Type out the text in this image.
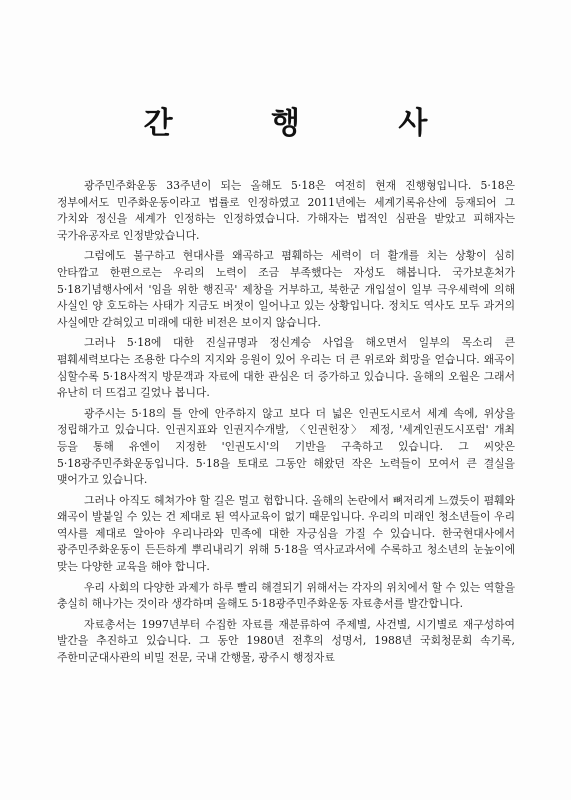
간 행 사

광주민주화운동 33주년이 되는 올해도 5·18은 여전히 현재 진행형입니다. 5·18은 정부에서도 민주화운동이라고 법률로 인정하였고 2011년에는 세계기록유산에 등재되어 그 가치와 정신을 세계가 인정하는 인정하였습니다. 가해자는 법적인 심판을 받았고 피해자는 국가유공자로 인정받았습니다.

그럼에도 불구하고 현대사를 왜곡하고 폄훼하는 세력이 더 활개를 치는 상황이 심히 안타깝고 한편으로는 우리의 노력이 조금 부족했다는 자성도 해봅니다. 국가보훈처가 5·18기념행사에서 '임을 위한 행진곡' 제창을 거부하고, 북한군 개입설이 일부 극우세력에 의해 사실인 양 호도하는 사태가 지금도 버젓이 일어나고 있는 상황입니다. 정치도 역사도 모두 과거의 사실에만 갇혀있고 미래에 대한 비전은 보이지 않습니다.

그러나 5·18에 대한 진실규명과 정신계승 사업을 해오면서 일부의 목소리 큰 폄훼세력보다는 조용한 다수의 지지와 응원이 있어 우리는 더 큰 위로와 희망을 얻습니다. 왜곡이 심할수록 5·18사적지 방문객과 자료에 대한 관심은 더 증가하고 있습니다. 올해의 오월은 그래서 유난히 더 뜨겁고 길었나 봅니다.

광주시는 5·18의 틀 안에 안주하지 않고 보다 더 넓은 인권도시로서 세계 속에, 위상을 정립해가고 있습니다. 인권지표와 인권지수개발, 〈인권헌장〉 제정, '세계인권도시포럼' 개최 등을 통해 유엔이 지정한 '인권도시'의 기반을 구축하고 있습니다. 그 씨앗은 5·18광주민주화운동입니다. 5·18을 토대로 그동안 해왔던 작은 노력들이 모여서 큰 결실을 맺어가고 있습니다.

그러나 아직도 헤쳐가야 할 길은 멀고 험합니다. 올해의 논란에서 뼈저리게 느꼈듯이 폄훼와 왜곡이 발붙일 수 있는 건 제대로 된 역사교육이 없기 때문입니다. 우리의 미래인 청소년들이 우리 역사를 제대로 알아야 우리나라와 민족에 대한 자긍심을 가질 수 있습니다. 한국현대사에서 광주민주화운동이 든든하게 뿌리내리기 위해 5·18을 역사교과서에 수록하고 청소년의 눈높이에 맞는 다양한 교육을 해야 합니다.

우리 사회의 다양한 과제가 하루 빨리 해결되기 위해서는 각자의 위치에서 할 수 있는 역할을 충실히 해나가는 것이라 생각하며 올해도 5·18광주민주화운동 자료총서를 발간합니다.

자료총서는 1997년부터 수집한 자료를 재분류하여 주제별, 사건별, 시기별로 재구성하여 발간을 추진하고 있습니다. 그 동안 1980년 전후의 성명서, 1988년 국회청문회 속기록, 주한미군대사관의 비밀 전문, 국내 간행물, 광주시 행정자료
